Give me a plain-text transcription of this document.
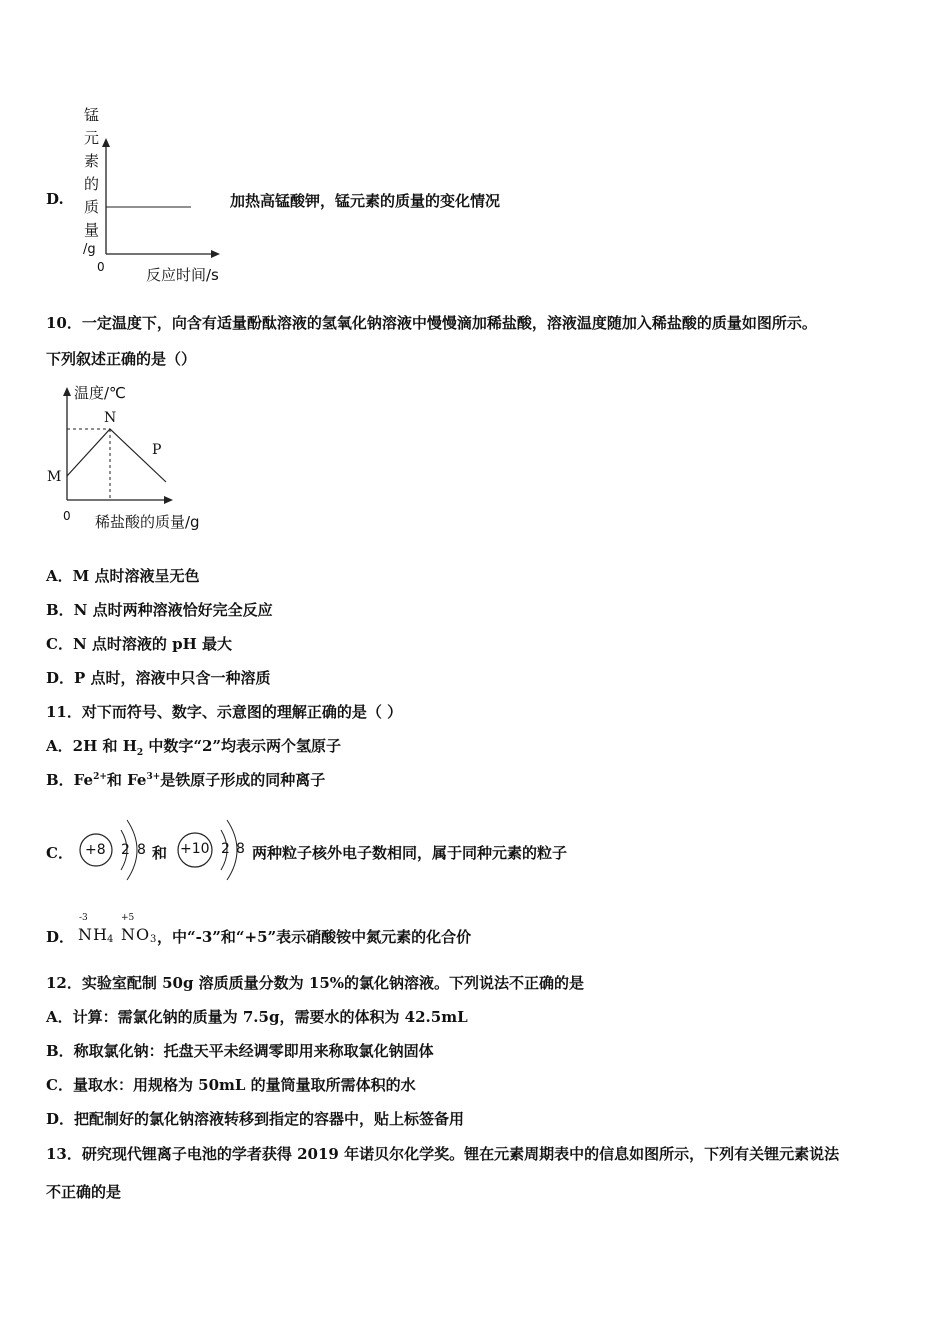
D.
锰
元
素
的
质
量
/g
0	反应时间/s
加热高锰酸钾，锰元素的质量的变化情况
10．一定温度下，向含有适量酚酞溶液的氢氧化钠溶液中慢慢滴加稀盐酸，溶液温度随加入稀盐酸的质量如图所示。
下列叙述正确的是（）
温度/℃
M
N
P
0 稀盐酸的质量/g
A．M 点时溶液呈无色
B．N 点时两种溶液恰好完全反应
C．N 点时溶液的 pH 最大
D．P 点时，溶液中只含一种溶质
11．对下而符号、数字、示意图的理解正确的是（ ）
A．2H 和 $H_2$ 中数字“2”均表示两个氢原子
B．$Fe^{2+}$和 $Fe^{3+}$是铁原子形成的同种离子
C． +8 2 8 和 +10 2 8 两种粒子核外电子数相同，属于同种元素的粒子
D．
-3
N H 4
+5
N O 3 ，中“-3”和“+5”表示硝酸铵中氮元素的化合价
12．实验室配制 50g 溶质质量分数为 15%的氯化钠溶液。下列说法不正确的是
A．计算：需氯化钠的质量为 7.5g，需要水的体积为 42.5mL
B．称取氯化钠：托盘天平未经调零即用来称取氯化钠固体
C．量取水：用规格为 50mL 的量筒量取所需体积的水
D．把配制好的氯化钠溶液转移到指定的容器中，贴上标签备用
13．研究现代锂离子电池的学者获得 2019 年诺贝尔化学奖。锂在元素周期表中的信息如图所示，下列有关锂元素说法
不正确的是
